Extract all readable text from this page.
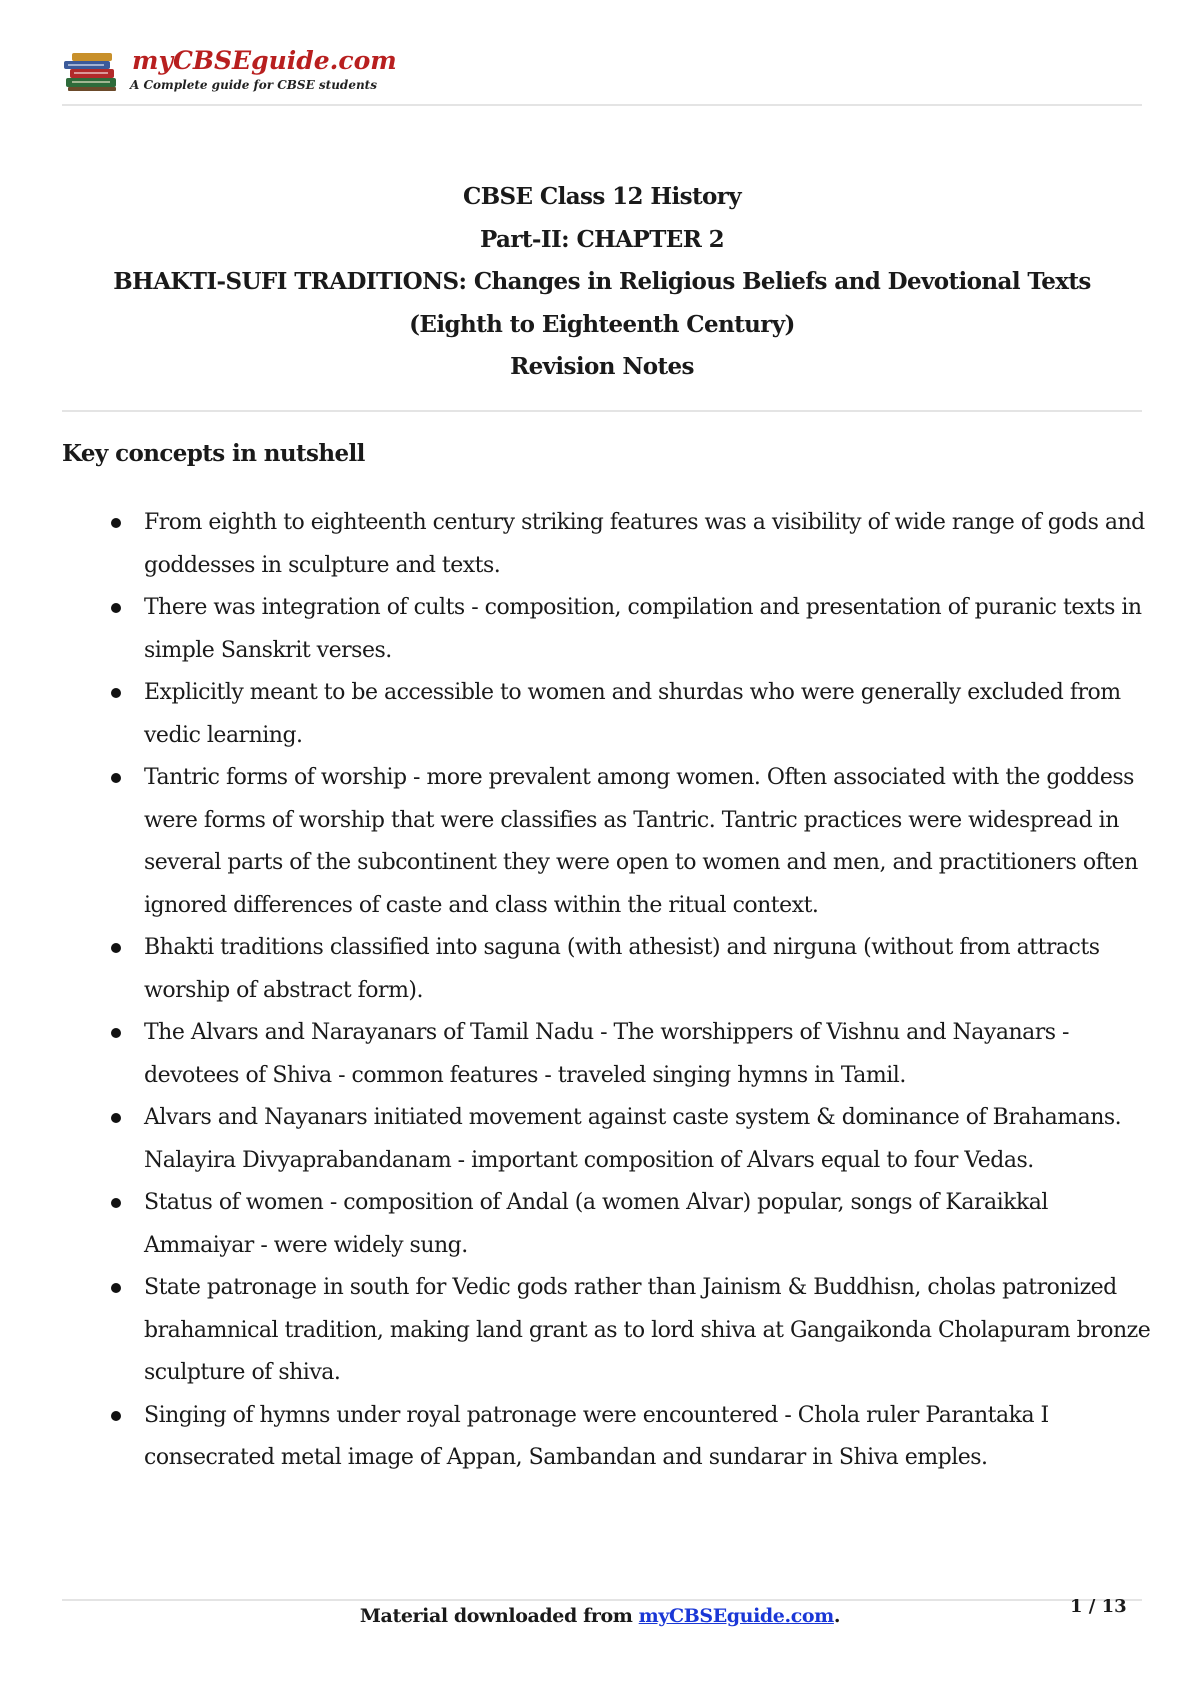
myCBSEguide.com
A Complete guide for CBSE students
CBSE Class 12 History
Part-II: CHAPTER 2
BHAKTI-SUFI TRADITIONS: Changes in Religious Beliefs and Devotional Texts
(Eighth to Eighteenth Century)
Revision Notes
Key concepts in nutshell
From eighth to eighteenth century striking features was a visibility of wide range of gods and goddesses in sculpture and texts.
There was integration of cults - composition, compilation and presentation of puranic texts in simple Sanskrit verses.
Explicitly meant to be accessible to women and shurdas who were generally excluded from vedic learning.
Tantric forms of worship - more prevalent among women. Often associated with the goddess were forms of worship that were classifies as Tantric. Tantric practices were widespread in several parts of the subcontinent they were open to women and men, and practitioners often ignored differences of caste and class within the ritual context.
Bhakti traditions classified into saguna (with athesist) and nirguna (without from attracts worship of abstract form).
The Alvars and Narayanars of Tamil Nadu - The worshippers of Vishnu and Nayanars - devotees of Shiva - common features - traveled singing hymns in Tamil.
Alvars and Nayanars initiated movement against caste system & dominance of Brahamans. Nalayira Divyaprabandanam - important composition of Alvars equal to four Vedas.
Status of women - composition of Andal (a women Alvar) popular, songs of Karaikkal Ammaiyar - were widely sung.
State patronage in south for Vedic gods rather than Jainism & Buddhisn, cholas patronized brahamnical tradition, making land grant as to lord shiva at Gangaikonda Cholapuram bronze sculpture of shiva.
Singing of hymns under royal patronage were encountered - Chola ruler Parantaka I consecrated metal image of Appan, Sambandan and sundarar in Shiva emples.
Material downloaded from myCBSEguide.com.	1 / 13
